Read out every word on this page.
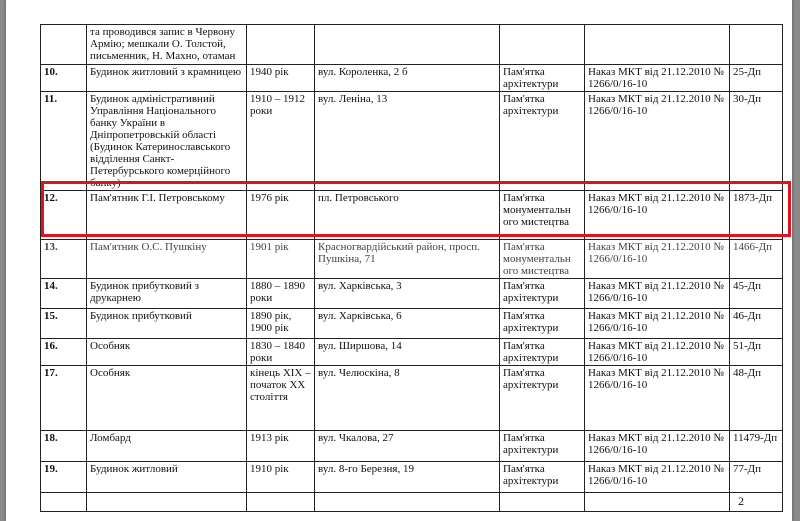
	та проводився запис в Червону Армію; мешкали О. Толстой, письменник, Н. Махно, отаман					
10.	Будинок житловий з крамницею	1940 рік	вул. Короленка, 2 б	Пам'ятка архітектури	Наказ МКТ від 21.12.2010 № 1266/0/16-10	25-Дп
11.	Будинок адміністративний Управління Національного банку України в Дніпропетровській області (Будинок Катеринославського відділення Санкт-Петербурського комерційного банку)	1910 – 1912 роки	вул. Леніна, 13	Пам'ятка архітектури	Наказ МКТ від 21.12.2010 № 1266/0/16-10	30-Дп
12.	Пам'ятник Г.І. Петровському	1976 рік	пл. Петровського	Пам'ятка монументальн ого мистецтва	Наказ МКТ від 21.12.2010 № 1266/0/16-10	1873-Дп
13.	Пам'ятник О.С. Пушкіну	1901 рік	Красногвардійський район, просп. Пушкіна, 71	Пам'ятка монументальн ого мистецтва	Наказ МКТ від 21.12.2010 № 1266/0/16-10	1466-Дп
14.	Будинок прибутковий з друкарнею	1880 – 1890 роки	вул. Харківська, 3	Пам'ятка архітектури	Наказ МКТ від 21.12.2010 № 1266/0/16-10	45-Дп
15.	Будинок прибутковий	1890 рік, 1900 рік	вул. Харківська, 6	Пам'ятка архітектури	Наказ МКТ від 21.12.2010 № 1266/0/16-10	46-Дп
16.	Особняк	1830 – 1840 роки	вул. Ширшова, 14	Пам'ятка архітектури	Наказ МКТ від 21.12.2010 № 1266/0/16-10	51-Дп
17.	Особняк	кінець ХІХ – початок ХХ століття	вул. Челюскіна, 8	Пам'ятка архітектури	Наказ МКТ від 21.12.2010 № 1266/0/16-10	48-Дп
18.	Ломбард	1913 рік	вул. Чкалова, 27	Пам'ятка архітектури	Наказ МКТ від 21.12.2010 № 1266/0/16-10	11479-Дп
19.	Будинок житловий	1910 рік	вул. 8-го Березня, 19	Пам'ятка архітектури	Наказ МКТ від 21.12.2010 № 1266/0/16-10	77-Дп

2
